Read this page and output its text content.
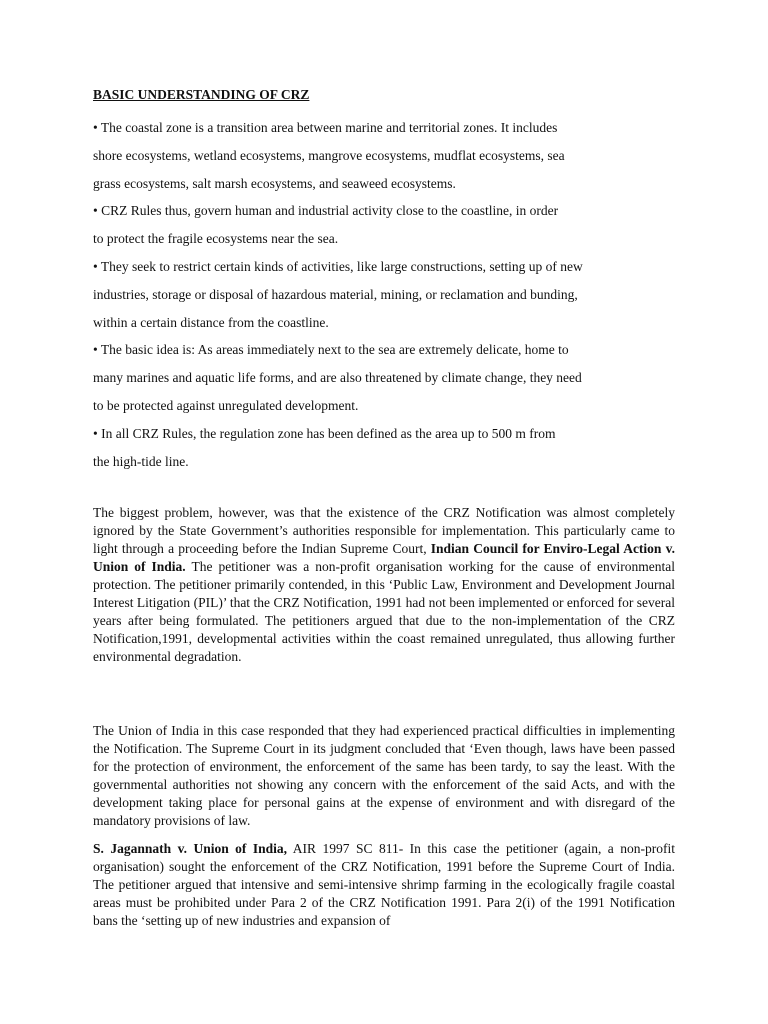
BASIC UNDERSTANDING OF CRZ
• The coastal zone is a transition area between marine and territorial zones. It includes
shore ecosystems, wetland ecosystems, mangrove ecosystems, mudflat ecosystems, sea
grass ecosystems, salt marsh ecosystems, and seaweed ecosystems.
• CRZ Rules thus, govern human and industrial activity close to the coastline, in order
to protect the fragile ecosystems near the sea.
• They seek to restrict certain kinds of activities, like large constructions, setting up of new
industries, storage or disposal of hazardous material, mining, or reclamation and bunding,
within a certain distance from the coastline.
• The basic idea is: As areas immediately next to the sea are extremely delicate, home to
many marines and aquatic life forms, and are also threatened by climate change, they need
to be protected against unregulated development.
• In all CRZ Rules, the regulation zone has been defined as the area up to 500 m from
the high-tide line.

The biggest problem, however, was that the existence of the CRZ Notification was almost completely ignored by the State Government’s authorities responsible for implementation. This particularly came to light through a proceeding before the Indian Supreme Court, Indian Council for Enviro-Legal Action v. Union of India. The petitioner was a non-profit organisation working for the cause of environmental protection. The petitioner primarily contended, in this ‘Public Law, Environment and Development Journal Interest Litigation (PIL)’ that the CRZ Notification, 1991 had not been implemented or enforced for several years after being formulated. The petitioners argued that due to the non-implementation of the CRZ Notification,1991, developmental activities within the coast remained unregulated, thus allowing further environmental degradation.

The Union of India in this case responded that they had experienced practical difficulties in implementing the Notification. The Supreme Court in its judgment concluded that ‘Even though, laws have been passed for the protection of environment, the enforcement of the same has been tardy, to say the least. With the governmental authorities not showing any concern with the enforcement of the said Acts, and with the development taking place for personal gains at the expense of environment and with disregard of the mandatory provisions of law.

S. Jagannath v. Union of India, AIR 1997 SC 811- In this case the petitioner (again, a non-profit organisation) sought the enforcement of the CRZ Notification, 1991 before the Supreme Court of India. The petitioner argued that intensive and semi-intensive shrimp farming in the ecologically fragile coastal areas must be prohibited under Para 2 of the CRZ Notification 1991. Para 2(i) of the 1991 Notification bans the ‘setting up of new industries and expansion of
